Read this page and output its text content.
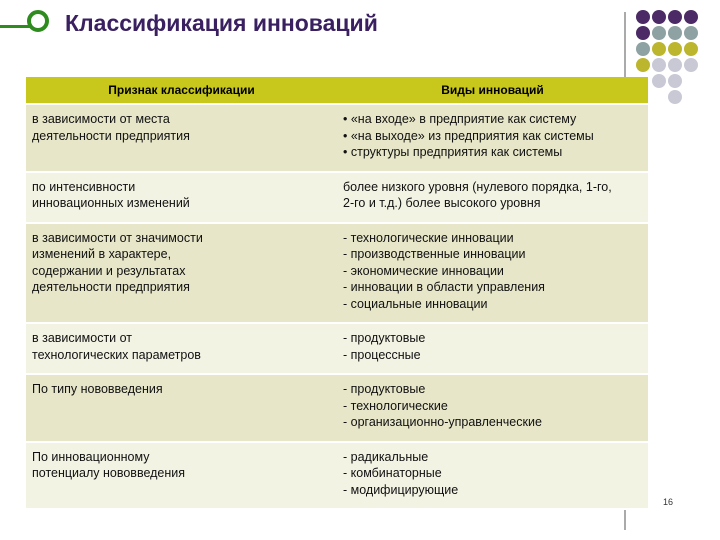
Классификация инноваций
Признак классификации	Виды инноваций

в зависимости от места
деятельности предприятия	• «на входе» в предприятие как систему
• «на выходе» из предприятия как системы
• структуры предприятия как системы

по интенсивности
инновационных изменений	более низкого уровня (нулевого порядка, 1-го,
2-го и т.д.) более высокого уровня

в зависимости от значимости
изменений в характере,
содержании и результатах
деятельности предприятия	- технологические инновации
- производственные инновации
- экономические инновации
- инновации в области управления
- социальные инновации

в зависимости от
технологических параметров	- продуктовые
- процессные

По типу нововведения	- продуктовые
- технологические
- организационно-управленческие

По инновационному
потенциалу нововведения	- радикальные
- комбинаторные
- модифицирующие
16
